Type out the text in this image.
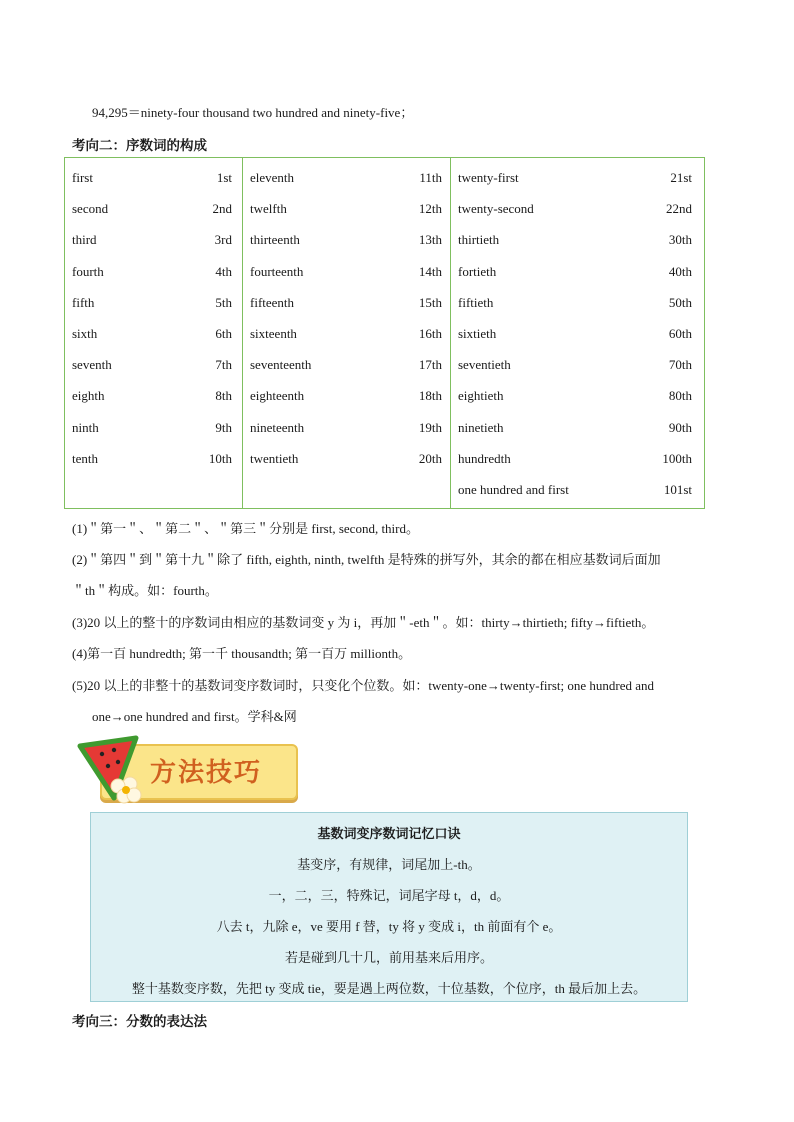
94,295＝ninety-four thousand two hundred and ninety-five；
考向二：序数词的构成
first	1st
second	2nd
third	3rd
fourth	4th
fifth	5th
sixth	6th
seventh	7th
eighth	8th
ninth	9th
tenth	10th
eleventh	11th
twelfth	12th
thirteenth	13th
fourteenth	14th
fifteenth	15th
sixteenth	16th
seventeenth	17th
eighteenth	18th
nineteenth	19th
twentieth	20th
twenty-first	21st
twenty-second	22nd
thirtieth	30th
fortieth	40th
fiftieth	50th
sixtieth	60th
seventieth	70th
eightieth	80th
ninetieth	90th
hundredth	100th
one hundred and first	101st
(1)＂第一＂、＂第二＂、＂第三＂分别是 first, second, third。
(2)＂第四＂到＂第十九＂除了 fifth, eighth, ninth, twelfth 是特殊的拼写外，其余的都在相应基数词后面加
＂th＂构成。如：fourth。
(3)20 以上的整十的序数词由相应的基数词变 y 为 i，再加＂-eth＂。如：thirty→thirtieth; fifty→fiftieth。
(4)第一百 hundredth; 第一千 thousandth; 第一百万 millionth。
(5)20 以上的非整十的基数词变序数词时，只变化个位数。如：twenty-one→twenty-first; one hundred and
one→one hundred and first。学科&网
方法技巧
基数词变序数词记忆口诀
基变序，有规律，词尾加上-th。
一，二，三，特殊记，词尾字母 t，d，d。
八去 t，九除 e，ve 要用 f 替，ty 将 y 变成 i，th 前面有个 e。
若是碰到几十几，前用基来后用序。
整十基数变序数，先把 ty 变成 tie，要是遇上两位数，十位基数，个位序，th 最后加上去。
考向三：分数的表达法
